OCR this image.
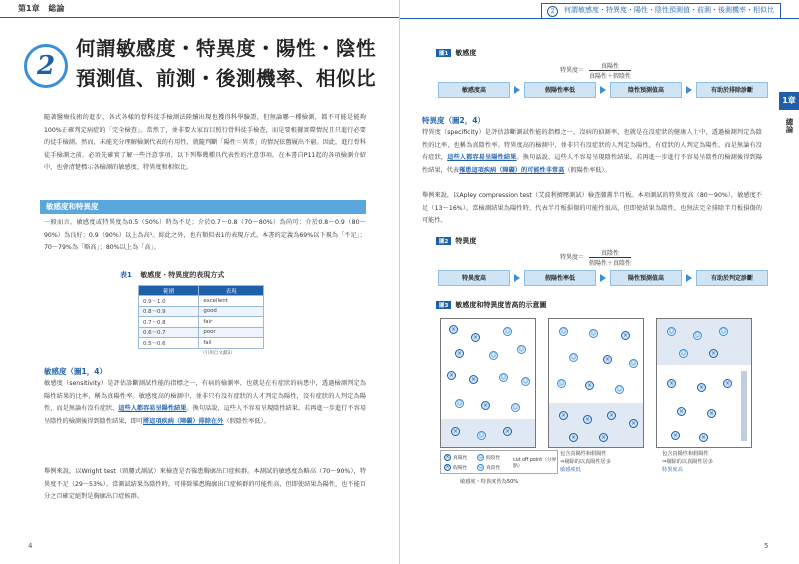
第1章 総論
2
何謂敏感度・特異度・陽性・陰性
預測值、前測・後測機率、相似比
隨著醫療技術的進步，各式各樣的骨科徒手檢測法陸續出現也獲得科學驗證，但無論哪一種檢測，都不可能是能夠100%正確判定病症的「完全檢查」。當然了，並非要大家盲目照行骨科徒手檢查，而是要根據實際情況且只進行必要的徒手檢測。然而，未能充分理解檢測代表的有用性，就隨判斷「陽性＝異常」的情況依舊履出不窮。因此，進行骨科徒手檢測之前，必須先確實了解一些注意事項。以下列舉幾種具代表性的注意事項，在本書自P11起的各項檢測介紹中，也會清楚標示各檢測的敏感度、特異度和相似比。
敏感度和特異度
一般而言，敏感度或特異度為0.5（50%）時為不足；介於0.7～0.8（70～80%）為尚可；介於0.8～0.9（80～90%）為良好；0.9（90%）以上為高¹。綜此之外，也有類似表1的表現方式。本書的定義為69%以下視為「不足」；70～79%為「略高」；80%以上為「高」。
表1 敏感度・特異度的表現方式
範圍	表現
0.9～1.0	excellent
0.8～0.9	good
0.7～0.8	fair
0.6～0.7	poor
0.5～0.6	fail
（引用自文獻2）
敏感度（圖1，4）
敏感度（sensitivity）是評估診斷測試性能的指標之一，有病的檢測率，也就是在有症狀的病患中，透過檢測判定為陽性結果的比率，稱為真陽性率。敏感度高的檢測中，並非只有沒有症狀的人才判定為陽性，沒有症狀的人判定為陽性，而是無論有沒有症狀，這些人都容易呈陽性結果。換句話說，這些人不容易呈現陰性結果。若再進一步進行不容易呈陰性的檢測後得到陰性結果，即可將這項疾病（障礙）排除在外（假陰性率低）。
舉例來說，以Wright test（頸腰式測試）來檢查是否罹患胸廓出口症候群。本測試的敏感度為略高（70～90%），特異度不足（29～53%）。當測試結果為陰性時，可排除罹患胸廓出口症候群的可能性高，但即使結果為陽性，也不能百分之百確定絕對是胸廓出口症候群。
4
2	何謂敏感度・特異度・陽性・陰性預測值・前測・後測機率・相似比
1章
總論
圖1 敏感度
特異度＝ $\frac{\text{真陽性}}{\text{真陽性＋假陰性}}$
敏感度高	假陽性率低	陰性預測值高	有助於排除診斷
特異度（圖2，4）
特異度（specificity）是評估診斷測試性能的指標之一，沒病的偵測率，也就是在沒症狀的健康人士中，透過檢測判定為陰性的比率，也稱為真陰性率。特異度高的檢測中，並非只有沒症狀的人判定為陽性，有症狀的人判定為陽性，而是無論有沒有症狀，這些人都容易呈陽性結果。換句話說，這些人不容易呈現陰性結果。若再進一步進行不容易呈陰性的檢測後得到陽性結果，代表罹患這項疾病（障礙）的可能性非常高（假陽性率低）。
舉例來說，以Apley compression test（艾波利擠壓測試）檢查膝蓋半月板。本項測試的特異度高（80～90%），敏感度不足（13～16%）。當檢測結果為陽性時，代表半月板損傷的可能性很高，但即使結果為陰性，也無法完全排除半月板損傷的可能性。
圖2 特異度
特異度＝ $\frac{\text{真陰性}}{\text{假陽性＋真陰性}}$
特異度高	假陽性率低	陽性預測值高	有助於判定診斷
圖3 敏感度和特異度皆高的示意圖
×
×
☺
×	☺
☺
×
×	☺
☺
☺	×	☺
×
☺
×
☺	☺	×
☺	×
☺
☺	×
☺
×
×
×
×
×	×
☺
☺
☺
☺	×
×
×
×
×	×
×	×
× 真陽性 ☺ 假陰性
× 假陽性 ☺ 真陰性
cut off point（分界點）
敏感度・特異度皆為50%
包含真陽性和假陽性
⇒剔除的以真陽性居多
敏感度低
包含真陽性和假陽性
⇒剔除的以真陽性居多
特異度高
5
